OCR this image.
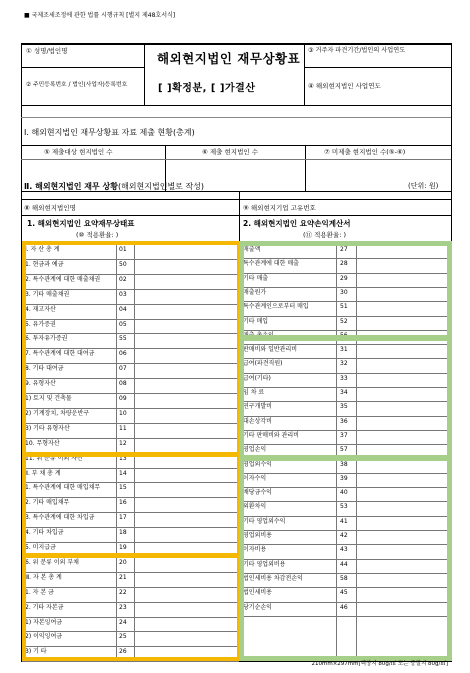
■ 국제조세조정에 관한 법률 시행규칙 [별지 제48호서식]
① 성명/법인명
② 주민등록번호 / 법인(사업자)등록번호
해외현지법인 재무상황표
[ ]확정분, [ ]가결산
③ 거주자 파견기간/법인의 사업연도
④ 해외현지법인 사업연도
Ⅰ. 해외현지법인 재무상황표 자료 제출 현황(총계)
⑤ 제출대상 현지법인 수	⑥ 제출 현지법인 수	⑦ 미제출 현지법인 수(⑤-⑥)
Ⅱ. 해외현지법인 재무 상황(해외현지법인별로 작성)	(단위: 원)
⑧ 해외현지법인명	⑨ 해외현지기업 고유번호
1. 해외현지법인 요약재무상태표
(⑩ 적용환율: )
2. 해외현지법인 요약손익계산서
(⑪ 적용환율: )
Ⅰ. 자 산 총 계	01
1. 현금과 예금	50
2. 특수관계에 대한 매출채권	02
3. 기타 매출채권	03
4. 재고자산	04
5. 유가증권	05
6. 투자유가증권	55
7. 특수관계에 대한 대여금	06
8. 기타 대여금	07
9. 유형자산	08
1) 토지 및 건축물	09
2) 기계장치, 차량운반구	10
3) 기타 유형자산	11
10. 무형자산	12
11. 위 분류 이외 자산	13
Ⅱ. 부 채 총 계	14
1. 특수관계에 대한 매입채무	15
2. 기타 매입채무	16
3. 특수관계에 대한 차입금	17
4. 기타 차입금	18
5. 미지급금	19
6. 위 분류 이외 부채	20
Ⅲ. 자 본 총 계	21
1. 자 본 금	22
2. 기타 자본금	23
1) 자본잉여금	24
2) 이익잉여금	25
3) 기 타	26
매출액	27
특수관계에 대한 매출	28
기타 매출	29
매출원가	30
특수관계인으로부터 매입	51
기타 매입	52
매출 총손익	56
판매비와 일반관리비	31
급여(파견직원)	32
급여(기타)	33
임 차 료	34
연구개발비	35
대손상각비	36
기타 판매비와 관리비	37
영업손익	57
영업외수익	38
이자수익	39
배당금수익	40
외환차익	53
기타 영업외수익	41
영업외비용	42
이자비용	43
기타 영업외비용	44
법인세비용 차감전손익	58
법인세비용	45
당기순손익	46
210mm×297mm[백상지 80g/㎡ 또는 중질지 80g/㎡]
